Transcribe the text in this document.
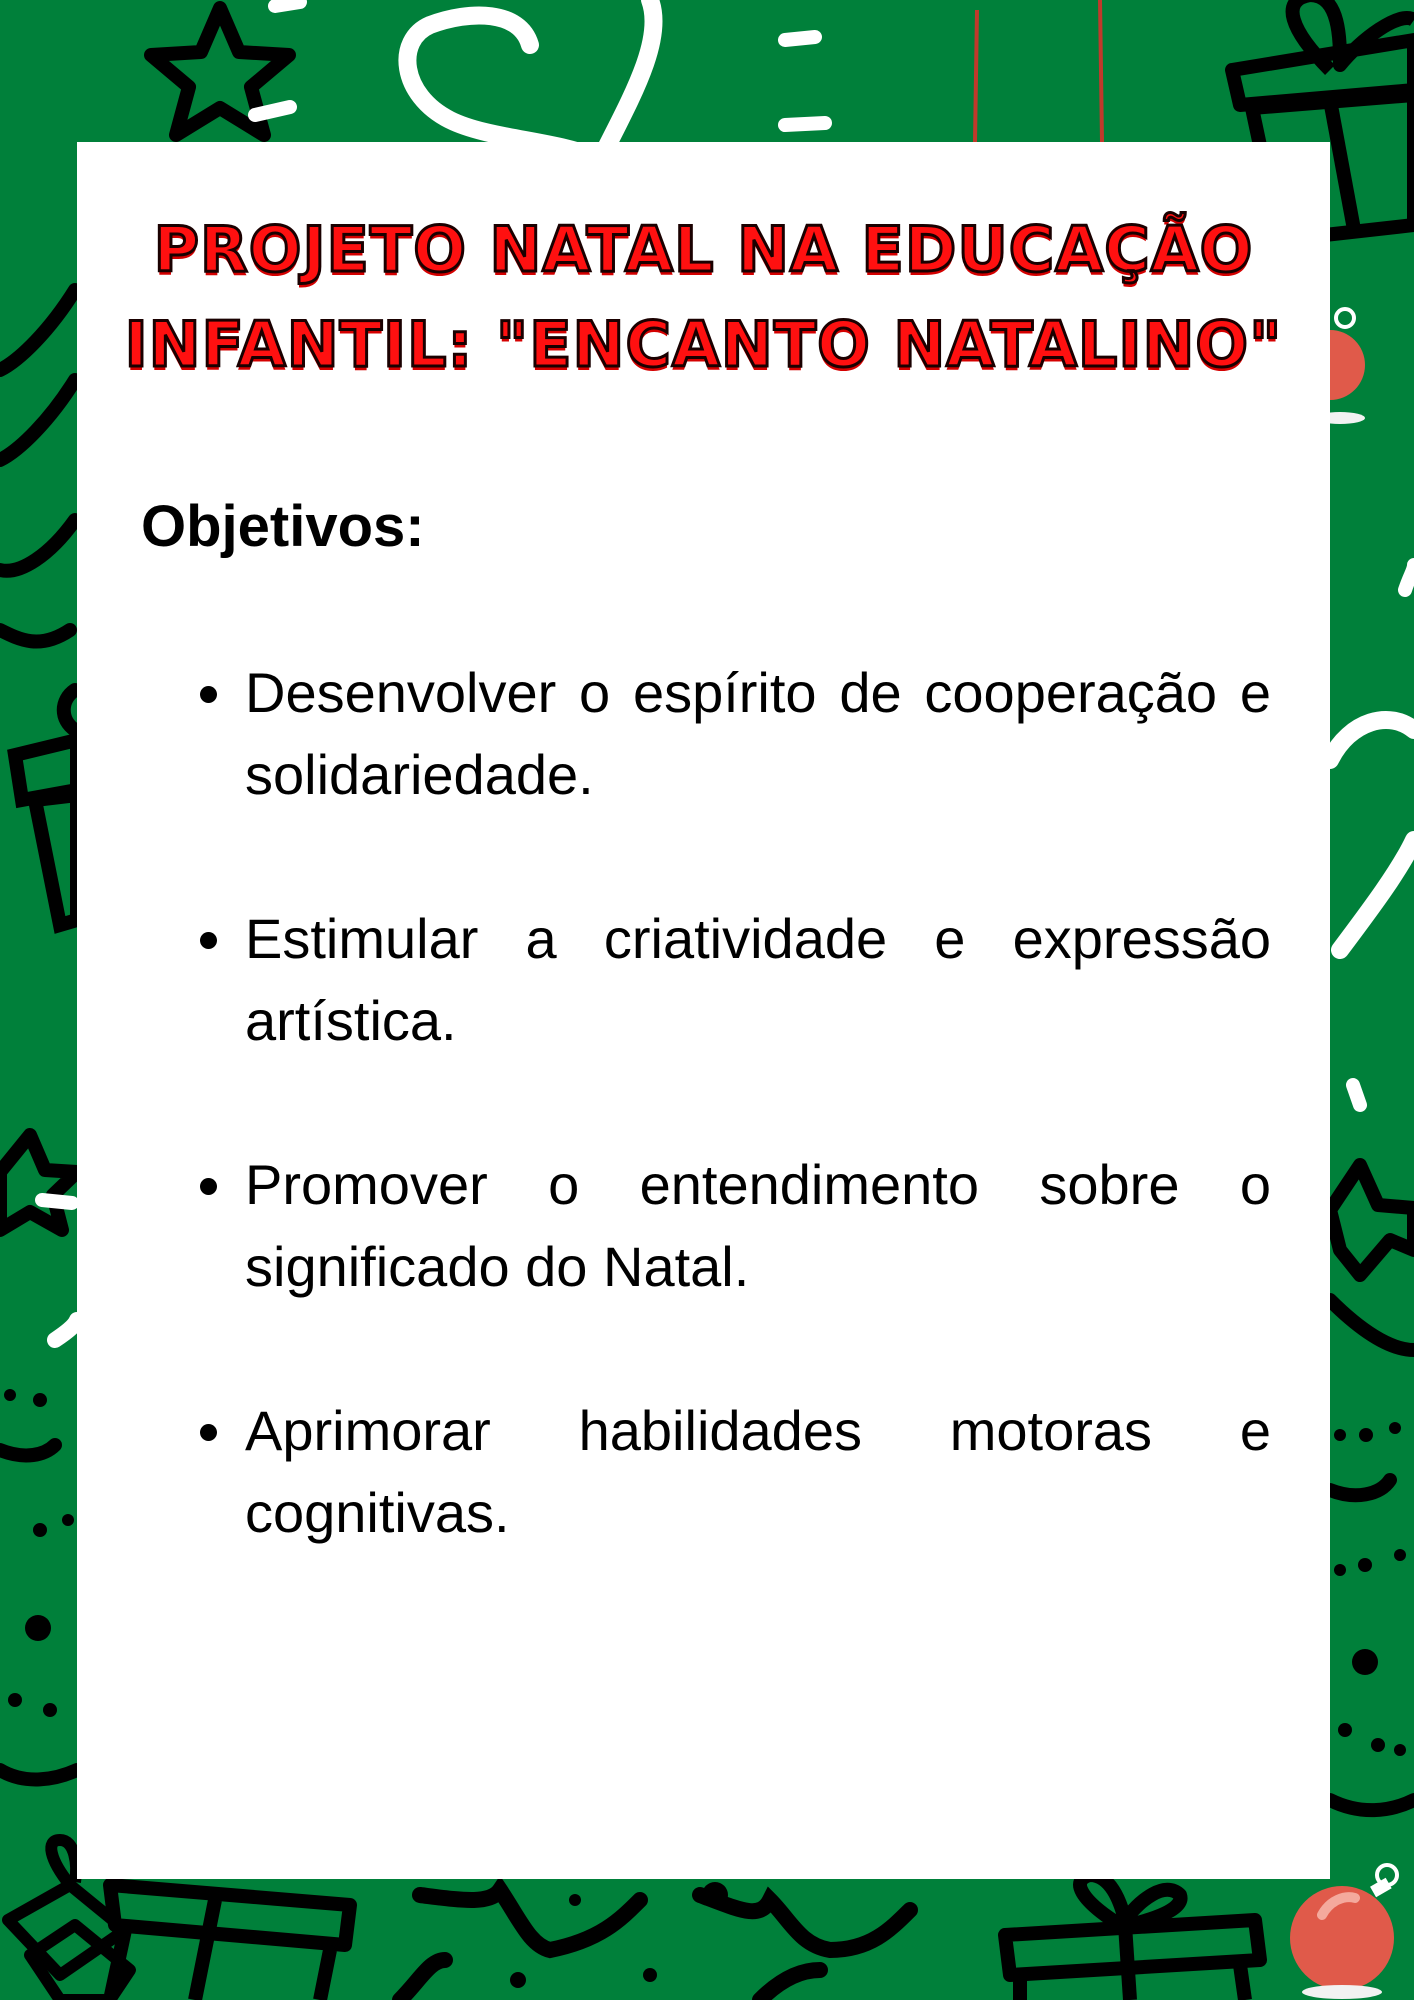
PROJETO NATAL NA EDUCAÇÃO
INFANTIL: "ENCANTO NATALINO"
Objetivos:
• Desenvolver o espírito de cooperação e solidariedade.
• Estimular a criatividade e expressão artística.
• Promover o entendimento sobre o significado do Natal.
• Aprimorar habilidades motoras e cognitivas.
